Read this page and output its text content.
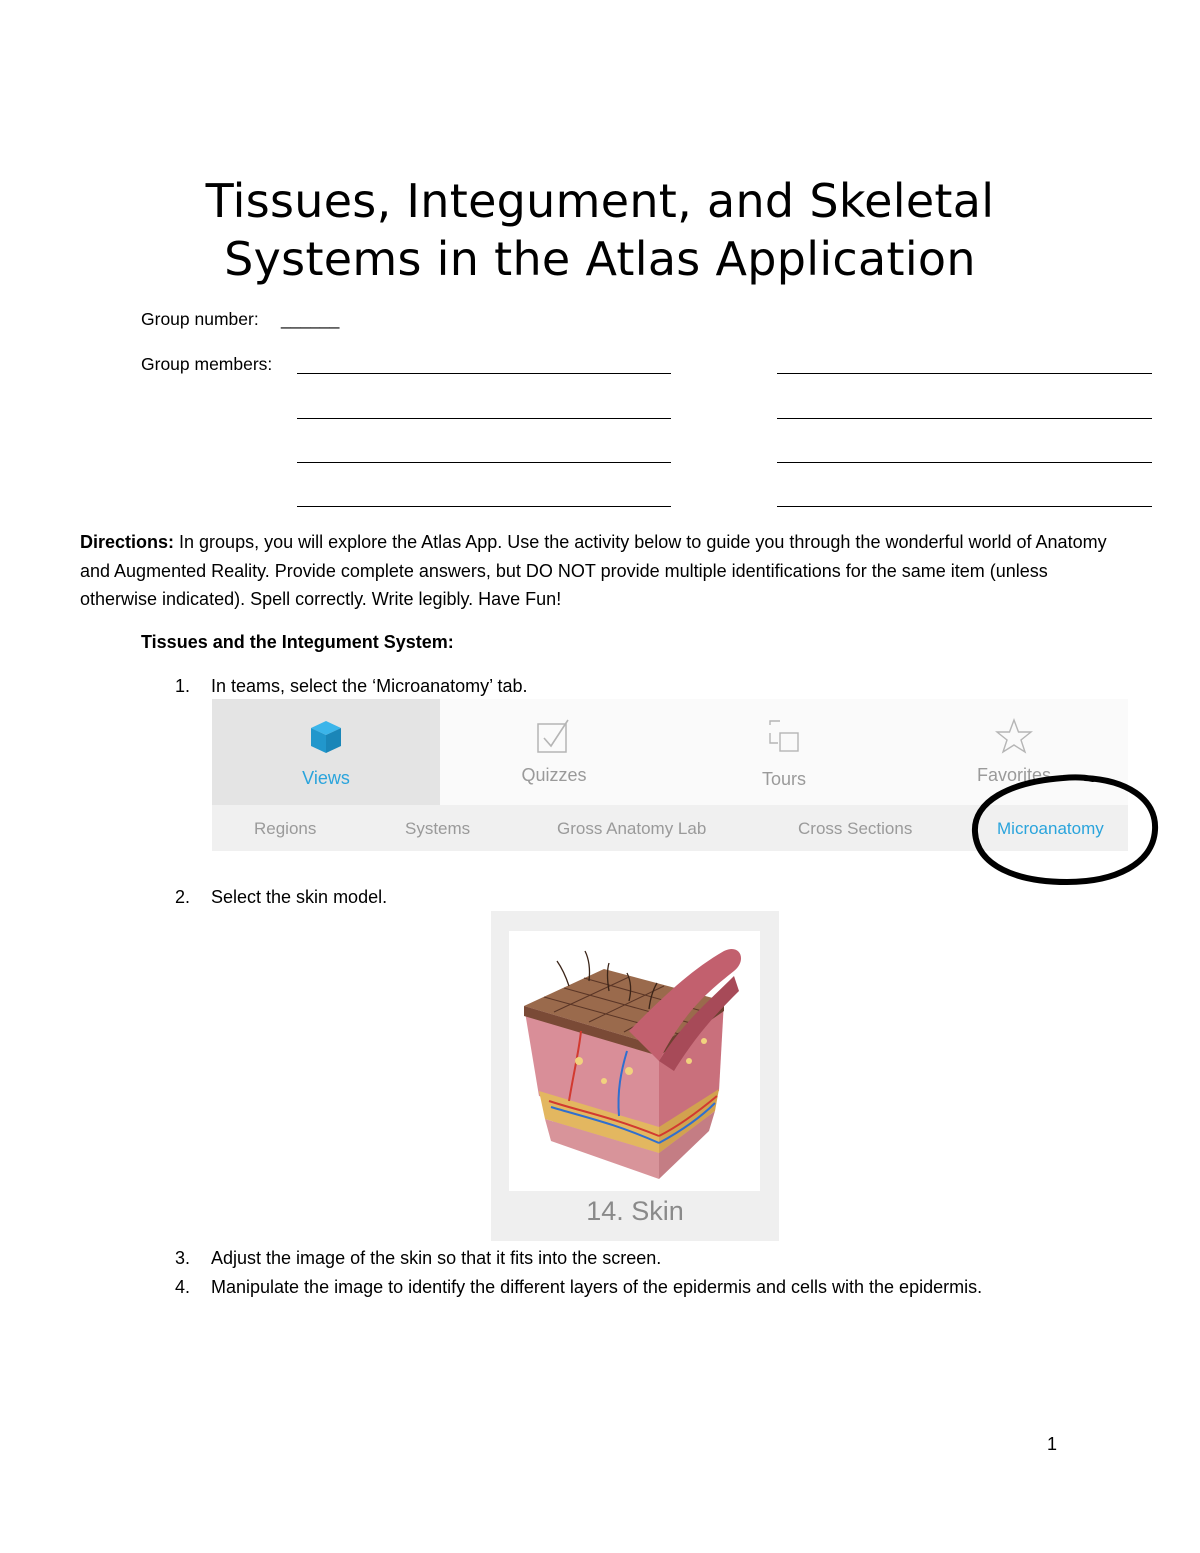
Tissues, Integument, and Skeletal
Systems in the Atlas Application
Group number: ______
Group members:
Directions: In groups, you will explore the Atlas App. Use the activity below to guide you through the wonderful world of Anatomy and Augmented Reality. Provide complete answers, but DO NOT provide multiple identifications for the same item (unless otherwise indicated). Spell correctly. Write legibly. Have Fun!
Tissues and the Integument System:
1. In teams, select the ‘Microanatomy’ tab.
Views	Quizzes	Tours	Favorites
Regions	Systems	Gross Anatomy Lab	Cross Sections	Microanatomy
2. Select the skin model.
14. Skin
3. Adjust the image of the skin so that it fits into the screen.
4. Manipulate the image to identify the different layers of the epidermis and cells with the epidermis.
1
